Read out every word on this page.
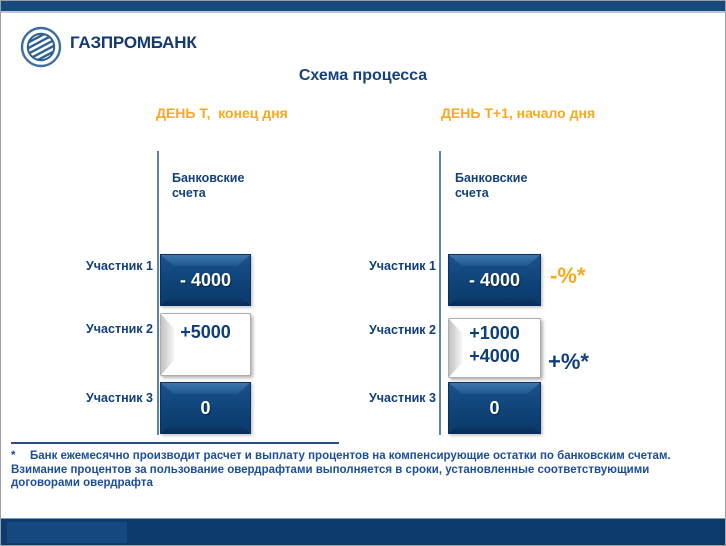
ГАЗПРОМБАНК
Схема процесса
ДЕНЬ Т,  конец дня	ДЕНЬ Т+1, начало дня
Банковские счета
Участник 1
Участник 2
Участник 3
- 4000
+5000
0
Банковские счета
Участник 1
Участник 2
Участник 3
- 4000
+1000
+4000
0
-%*
+%*
*	Банк ежемесячно производит расчет и выплату процентов на компенсирующие остатки по банковским счетам.
Взимание процентов за пользование овердрафтами выполняется в сроки, установленные соответствующими
договорами овердрафта
